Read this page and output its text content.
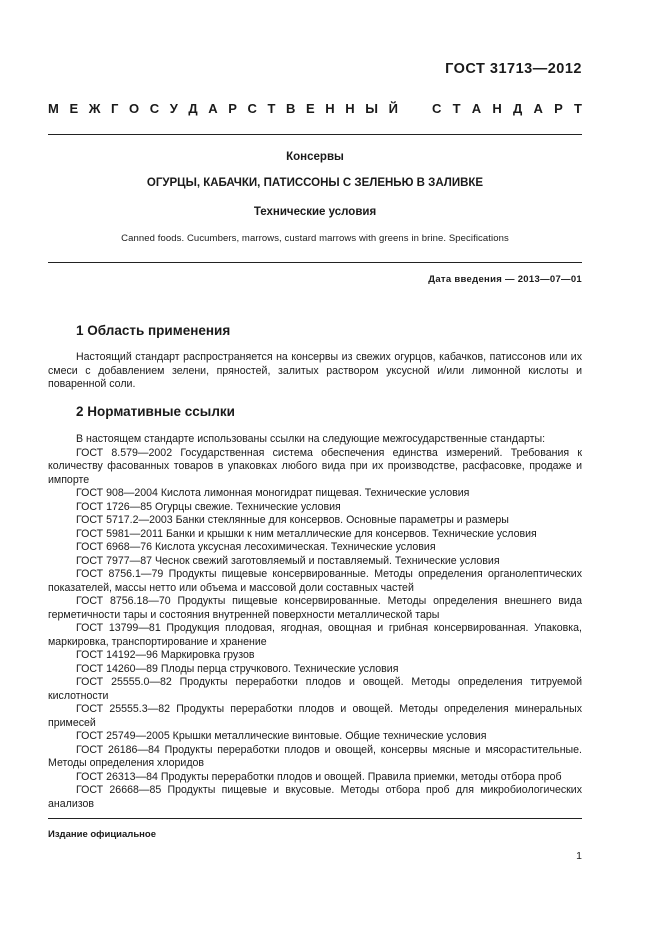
ГОСТ 31713—2012
М Е Ж Г О С У Д А Р С Т В Е Н Н Ы Й	С Т А Н Д А Р Т
Консервы
ОГУРЦЫ, КАБАЧКИ, ПАТИССОНЫ С ЗЕЛЕНЬЮ В ЗАЛИВКЕ
Технические условия
Canned foods. Cucumbers, marrows, custard marrows with greens in brine. Specifications
Дата введения — 2013—07—01
1 Область применения

Настоящий стандарт распространяется на консервы из свежих огурцов, кабачков, патиссонов или их смеси с добавлением зелени, пряностей, залитых раствором уксусной и/или лимонной кислоты и поваренной соли.

2 Нормативные ссылки

В настоящем стандарте использованы ссылки на следующие межгосударственные стандарты:

ГОСТ 8.579—2002 Государственная система обеспечения единства измерений. Требования к количеству фасованных товаров в упаковках любого вида при их производстве, расфасовке, продаже и импорте

ГОСТ 908—2004 Кислота лимонная моногидрат пищевая. Технические условия

ГОСТ 1726—85 Огурцы свежие. Технические условия

ГОСТ 5717.2—2003 Банки стеклянные для консервов. Основные параметры и размеры

ГОСТ 5981—2011 Банки и крышки к ним металлические для консервов. Технические условия

ГОСТ 6968—76 Кислота уксусная лесохимическая. Технические условия

ГОСТ 7977—87 Чеснок свежий заготовляемый и поставляемый. Технические условия

ГОСТ 8756.1—79 Продукты пищевые консервированные. Методы определения органолептических показателей, массы нетто или объема и массовой доли составных частей

ГОСТ 8756.18—70 Продукты пищевые консервированные. Методы определения внешнего вида герметичности тары и состояния внутренней поверхности металлической тары

ГОСТ 13799—81 Продукция плодовая, ягодная, овощная и грибная консервированная. Упаковка, маркировка, транспортирование и хранение

ГОСТ 14192—96 Маркировка грузов

ГОСТ 14260—89 Плоды перца стручкового. Технические условия

ГОСТ 25555.0—82 Продукты переработки плодов и овощей. Методы определения титруемой кислотности

ГОСТ 25555.3—82 Продукты переработки плодов и овощей. Методы определения минеральных примесей

ГОСТ 25749—2005 Крышки металлические винтовые. Общие технические условия

ГОСТ 26186—84 Продукты переработки плодов и овощей, консервы мясные и мясорастительные. Методы определения хлоридов

ГОСТ 26313—84 Продукты переработки плодов и овощей. Правила приемки, методы отбора проб

ГОСТ 26668—85 Продукты пищевые и вкусовые. Методы отбора проб для микробиологических анализов

Издание официальное
1
